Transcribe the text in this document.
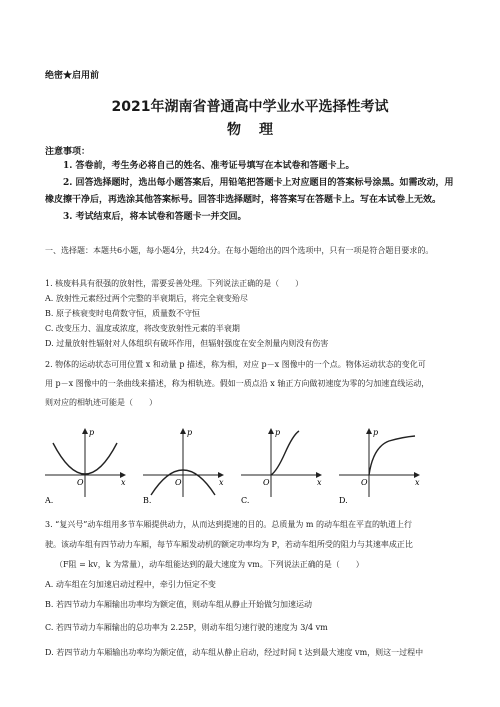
绝密★启用前
2021年湖南省普通高中学业水平选择性考试
物理
注意事项：

1. 答卷前，考生务必将自己的姓名、准考证号填写在本试卷和答题卡上。

2. 回答选择题时，选出每小题答案后，用铅笔把答题卡上对应题目的答案标号涂黑。如需改动，用橡皮擦干净后，再选涂其他答案标号。回答非选择题时，将答案写在答题卡上。写在本试卷上无效。

3. 考试结束后，将本试卷和答题卡一并交回。

一、选择题：本题共6小题，每小题4分，共24分。在每小题给出的四个选项中，只有一项是符合题目要求的。

1. 核废料具有很强的放射性，需要妥善处理。下列说法正确的是（　　）

A. 放射性元素经过两个完整的半衰期后，将完全衰变殆尽

B. 原子核衰变时电荷数守恒，质量数不守恒

C. 改变压力、温度或浓度，将改变放射性元素的半衰期

D. 过量放射性辐射对人体组织有破坏作用，但辐射强度在安全剂量内则没有伤害

2. 物体的运动状态可用位置 x 和动量 p 描述，称为相，对应 p－x 图像中的一个点。物体运动状态的变化可

用 p－x 图像中的一条曲线来描述，称为相轨迹。假如一质点沿 x 轴正方向做初速度为零的匀加速直线运动，

则对应的相轨迹可能是（　　）

p
x
O
A.
p
x
O
B.
p
x
O
C.
p
x
O
D.

3. “复兴号”动车组用多节车厢提供动力，从而达到提速的目的。总质量为 m 的动车组在平直的轨道上行

驶。该动车组有四节动力车厢，每节车厢发动机的额定功率均为 P，若动车组所受的阻力与其速率成正比

（F阻 = kv，k 为常量），动车组能达到的最大速度为 vm。下列说法正确的是（　　）

A. 动车组在匀加速启动过程中，牵引力恒定不变

B. 若四节动力车厢输出功率均为额定值，则动车组从静止开始做匀加速运动

C. 若四节动力车厢输出的总功率为 2.25P，则动车组匀速行驶的速度为 3/4 vm

D. 若四节动力车厢输出功率均为额定值，动车组从静止启动，经过时间 t 达到最大速度 vm，则这一过程中
